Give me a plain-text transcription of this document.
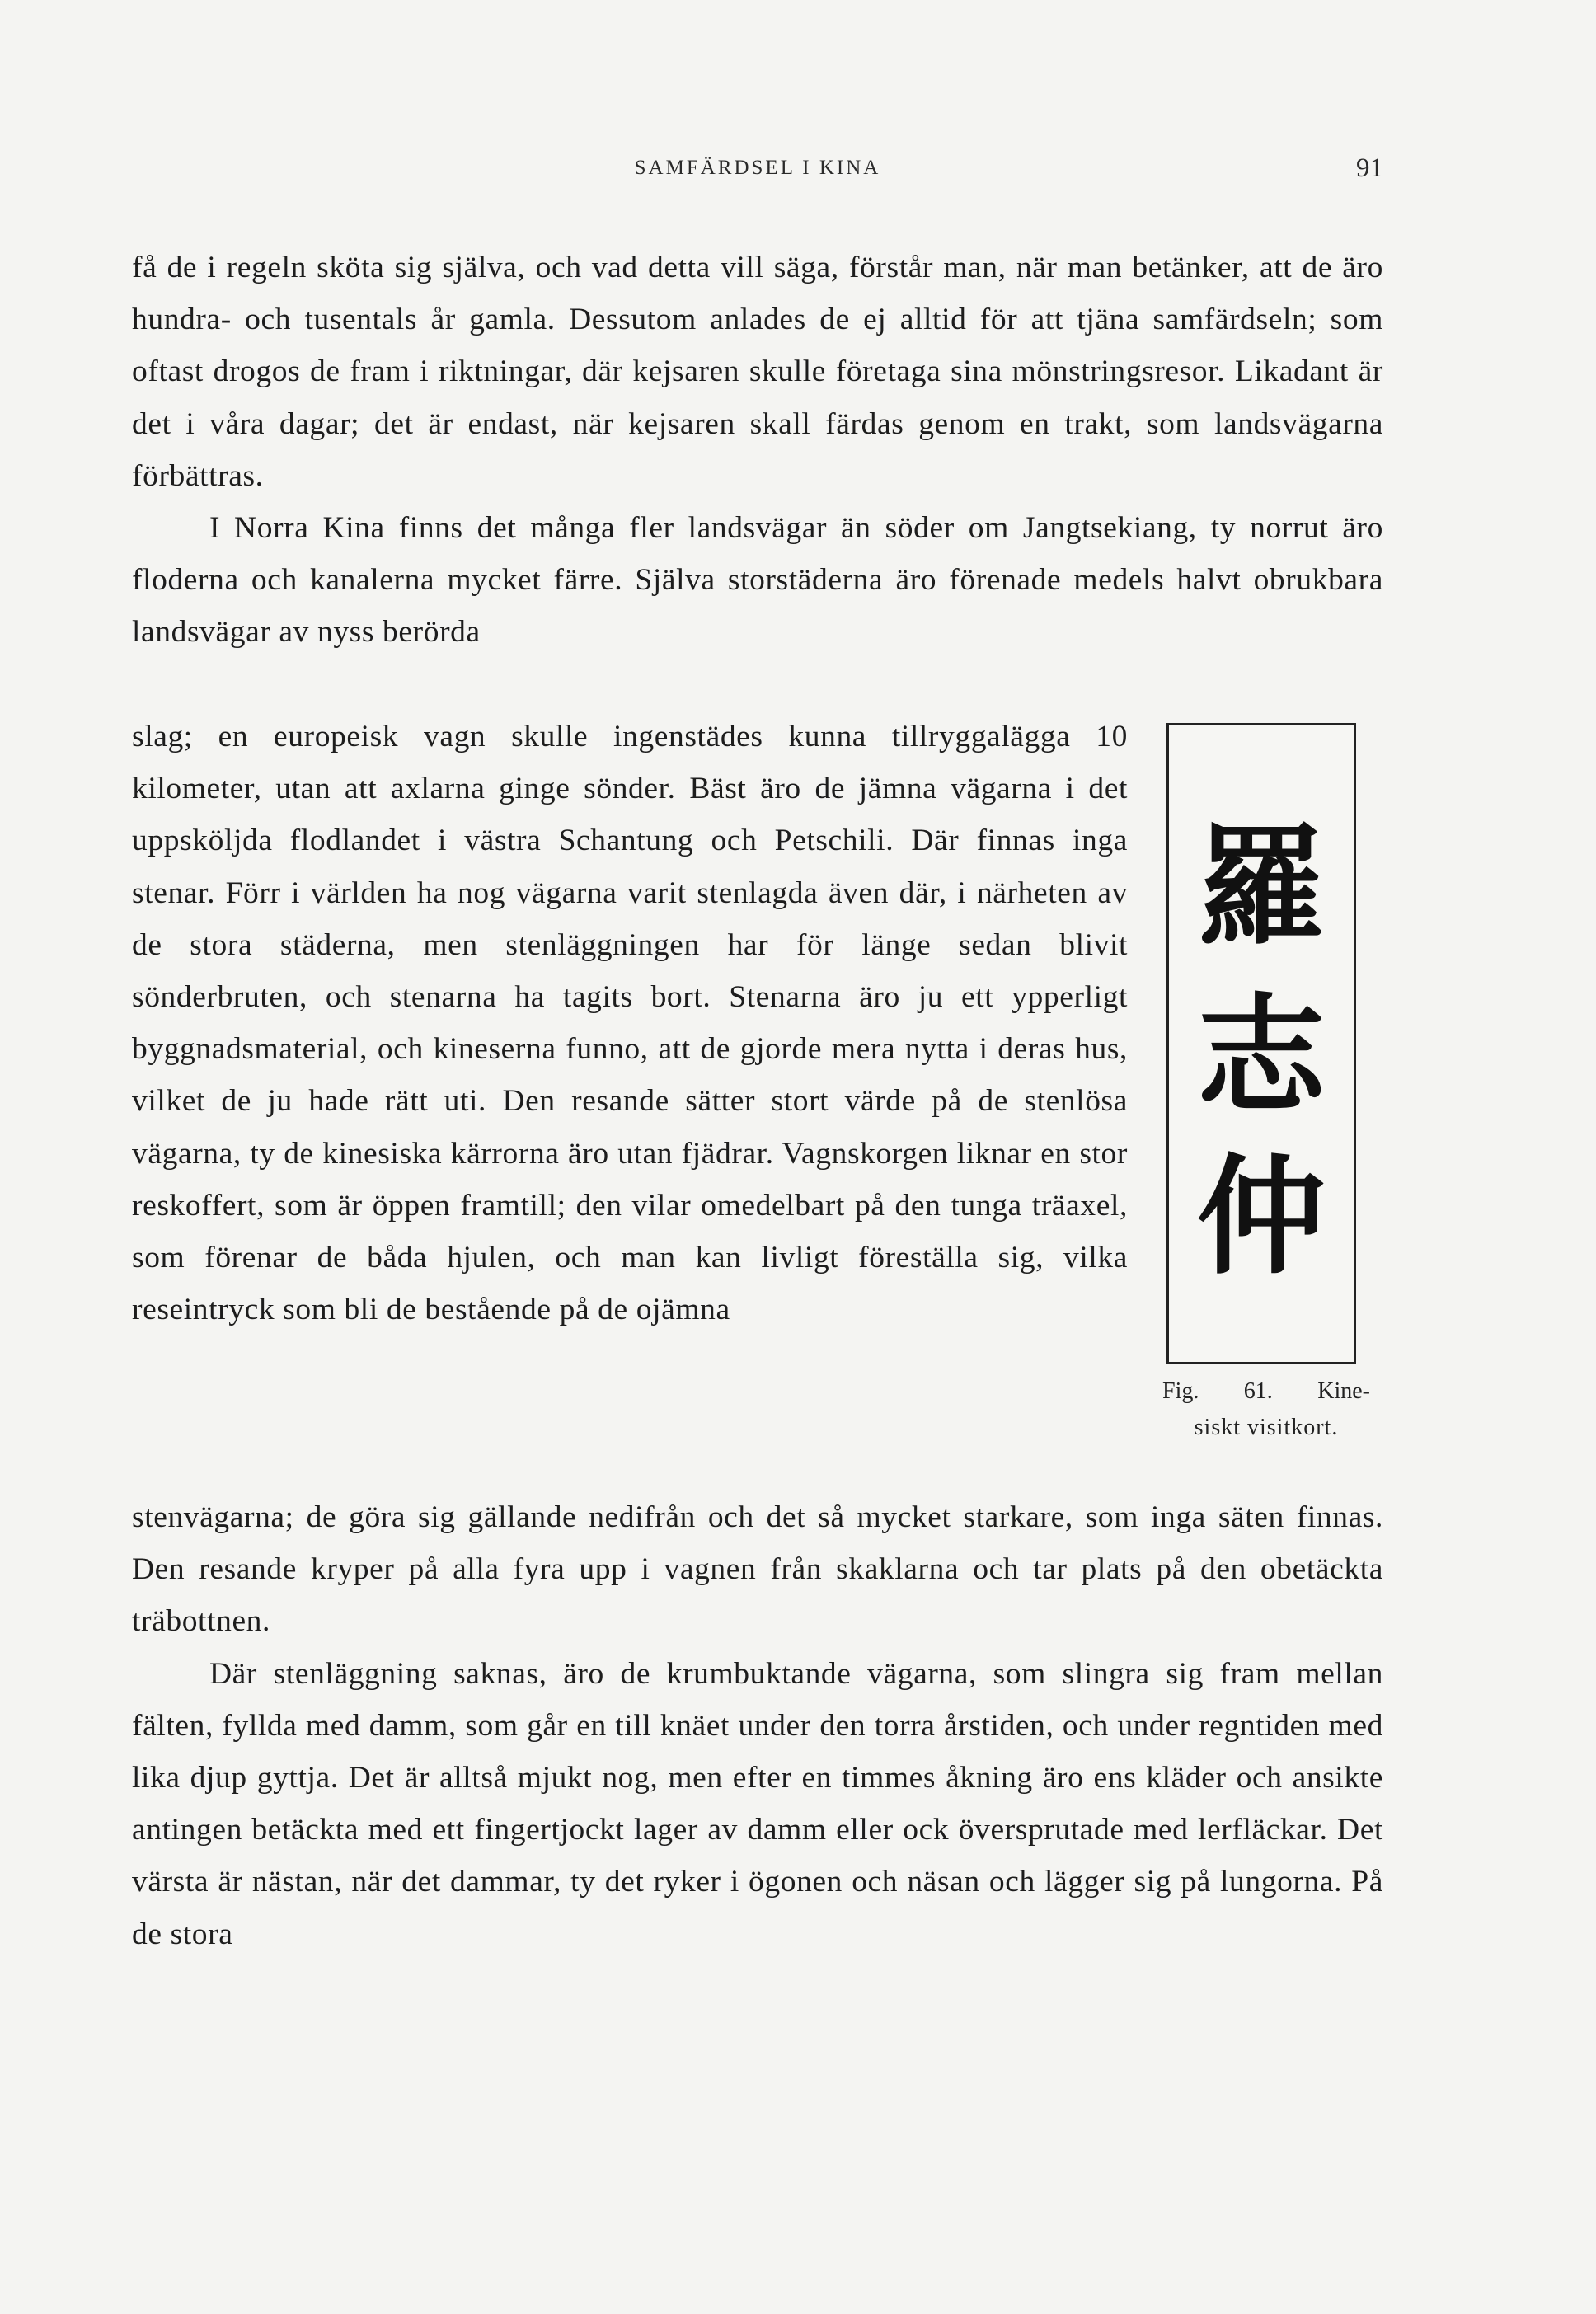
SAMFÄRDSEL I KINA	91

få de i regeln sköta sig själva, och vad detta vill säga, förstår man, när man betänker, att de äro hundra- och tusentals år gamla. Dessutom anlades de ej alltid för att tjäna samfärdseln; som oftast drogos de fram i riktningar, där kejsaren skulle företaga sina mönstringsresor. Likadant är det i våra dagar; det är endast, när kejsaren skall färdas genom en trakt, som landsvägarna förbättras.

I Norra Kina finns det många fler landsvägar än söder om Jangtsekiang, ty norrut äro floderna och kanalerna mycket färre. Själva storstäderna äro förenade medels halvt obrukbara landsvägar av nyss berörda

slag; en europeisk vagn skulle ingenstädes kunna tillryggalägga 10 kilometer, utan att axlarna ginge sönder. Bäst äro de jämna vägarna i det uppsköljda flodlandet i västra Schantung och Petschili. Där finnas inga stenar. Förr i världen ha nog vägarna varit stenlagda även där, i närheten av de stora städerna, men stenläggningen har för länge sedan blivit sönderbruten, och stenarna ha tagits bort. Stenarna äro ju ett ypperligt byggnadsmaterial, och kineserna funno, att de gjorde mera nytta i deras hus, vilket de ju hade rätt uti. Den resande sätter stort värde på de stenlösa vägarna, ty de kinesiska kärrorna äro utan fjädrar. Vagnskorgen liknar en stor reskoffert, som är öppen framtill; den vilar omedelbart på den tunga träaxel, som förenar de båda hjulen, och man kan livligt föreställa sig, vilka reseintryck som bli de bestående på de ojämna

stenvägarna; de göra sig gällande nedifrån och det så mycket starkare, som inga säten finnas. Den resande kryper på alla fyra upp i vagnen från skaklarna och tar plats på den obetäckta träbottnen.

Där stenläggning saknas, äro de krumbuktande vägarna, som slingra sig fram mellan fälten, fyllda med damm, som går en till knäet under den torra årstiden, och under regntiden med lika djup gyttja. Det är alltså mjukt nog, men efter en timmes åkning äro ens kläder och ansikte antingen betäckta med ett fingertjockt lager av damm eller ock översprutade med lerfläckar. Det värsta är nästan, när det dammar, ty det ryker i ögonen och näsan och lägger sig på lungorna. På de stora

羅
志
仲
Fig. 61. Kine-
siskt visitkort.
